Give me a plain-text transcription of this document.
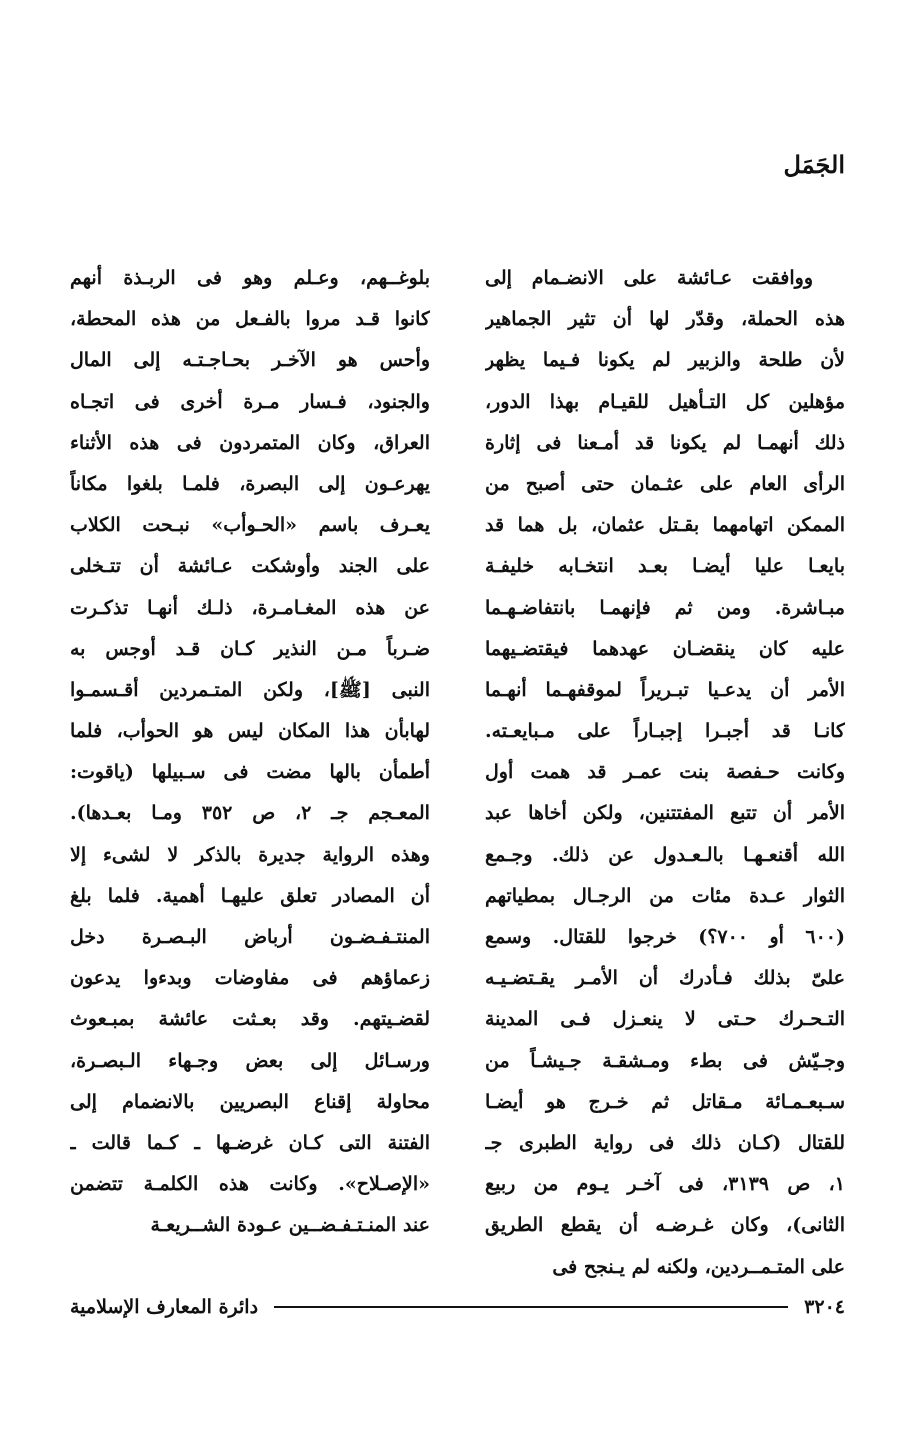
الجَمَل
ووافقت عـائشة على الانضـمام إلى
هذه الحملة، وقدّر لها أن تثير الجماهير
لأن طلحة والزبير لم يكونا فـيما يظهر
مؤهلين كل التـأهيل للقيـام بهذا الدور،
ذلك أنهمـا لم يكونا قد أمـعنا فى إثارة
الرأى العام على عثـمان حتى أصبح من
الممكن اتهامهما بقـتل عثمان، بل هما قد
بايعـا عليا أيضـا بعـد انتخـابه خليفـة
مبـاشرة. ومن ثم فإنهمـا بانتفاضـهـما
عليه كان ينقضـان عهدهما فيقتضـيهما
الأمر أن يدعـيا تبـريراً لموقفهـما أنهـما
كانـا قد أجبـرا إجبـاراً على مـبايعـته.
وكانت حـفصة بنت عمـر قد همت أول
الأمر أن تتبع المفتتنين، ولكن أخاها عبد
الله أقنعـهـا بالـعـدول عن ذلك. وجـمع
الثوار عـدة مئات من الرجـال بمطياتهم
(٦٠٠ أو ٧٠٠؟) خرجوا للقتال. وسمع
علىّ بذلك فـأدرك أن الأمـر يقـتضـيـه
التـحـرك حـتى لا ينعـزل فـى المدينة
وجـيّش فى بطء ومـشقـة جـيشـاً من
سـبعـمـائة مـقاتل ثم خـرج هو أيضـا
للقتال (كـان ذلك فى رواية الطبرى جـ
١، ص ٣١٣٩، فى آخـر يـوم من ربيع
الثانى)، وكان غـرضـه أن يقطع الطريق
على المتـمــردين، ولكنه لم يـنجح فى
بلوغــهم، وعـلم وهو فى الربـذة أنهم
كانوا قـد مروا بالفـعل من هذه المحطة،
وأحس هو الآخـر بحـاجـتـه إلى المال
والجنود، فـسار مـرة أخرى فى اتجـاه
العراق، وكان المتمردون فى هذه الأثناء
يهرعـون إلى البصرة، فلمـا بلغوا مكاناً
يعـرف باسم «الحـوأب» نبـحت الكلاب
على الجند وأوشكت عـائشة أن تتـخلى
عن هذه المغـامـرة، ذلـك أنهـا تذكـرت
ضـرباً مـن النذير كـان قـد أوجس به
النبى [ﷺ]، ولكن المتـمردين أقـسمـوا
لهابأن هذا المكان ليس هو الحوأب، فلما
أطمأن بالها مضت فى سـبيلها (ياقوت:
المعـجم جـ ٢، ص ٣٥٢ ومـا بعـدها).
وهذه الرواية جديرة بالذكر لا لشىء إلا
أن المصادر تعلق عليهـا أهمية. فلما بلغ
المنتـفـضـون أرباض البـصـرة دخل
زعماؤهم فى مفاوضات وبدءوا يدعون
لقضـيتهم. وقد بعـثت عائشة بمبـعوث
ورسـائل إلى بعض وجـهاء الـبصـرة،
محاولة إقناع البصريين بالانضمام إلى
الفتنة التى كـان غرضـها ـ كـما قالت ـ
«الإصـلاح». وكانت هذه الكلمـة تتضمن
عند المنـتـفـضــين عـودة الشــريعـة
٣٢٠٤
دائرة المعارف الإسلامية
